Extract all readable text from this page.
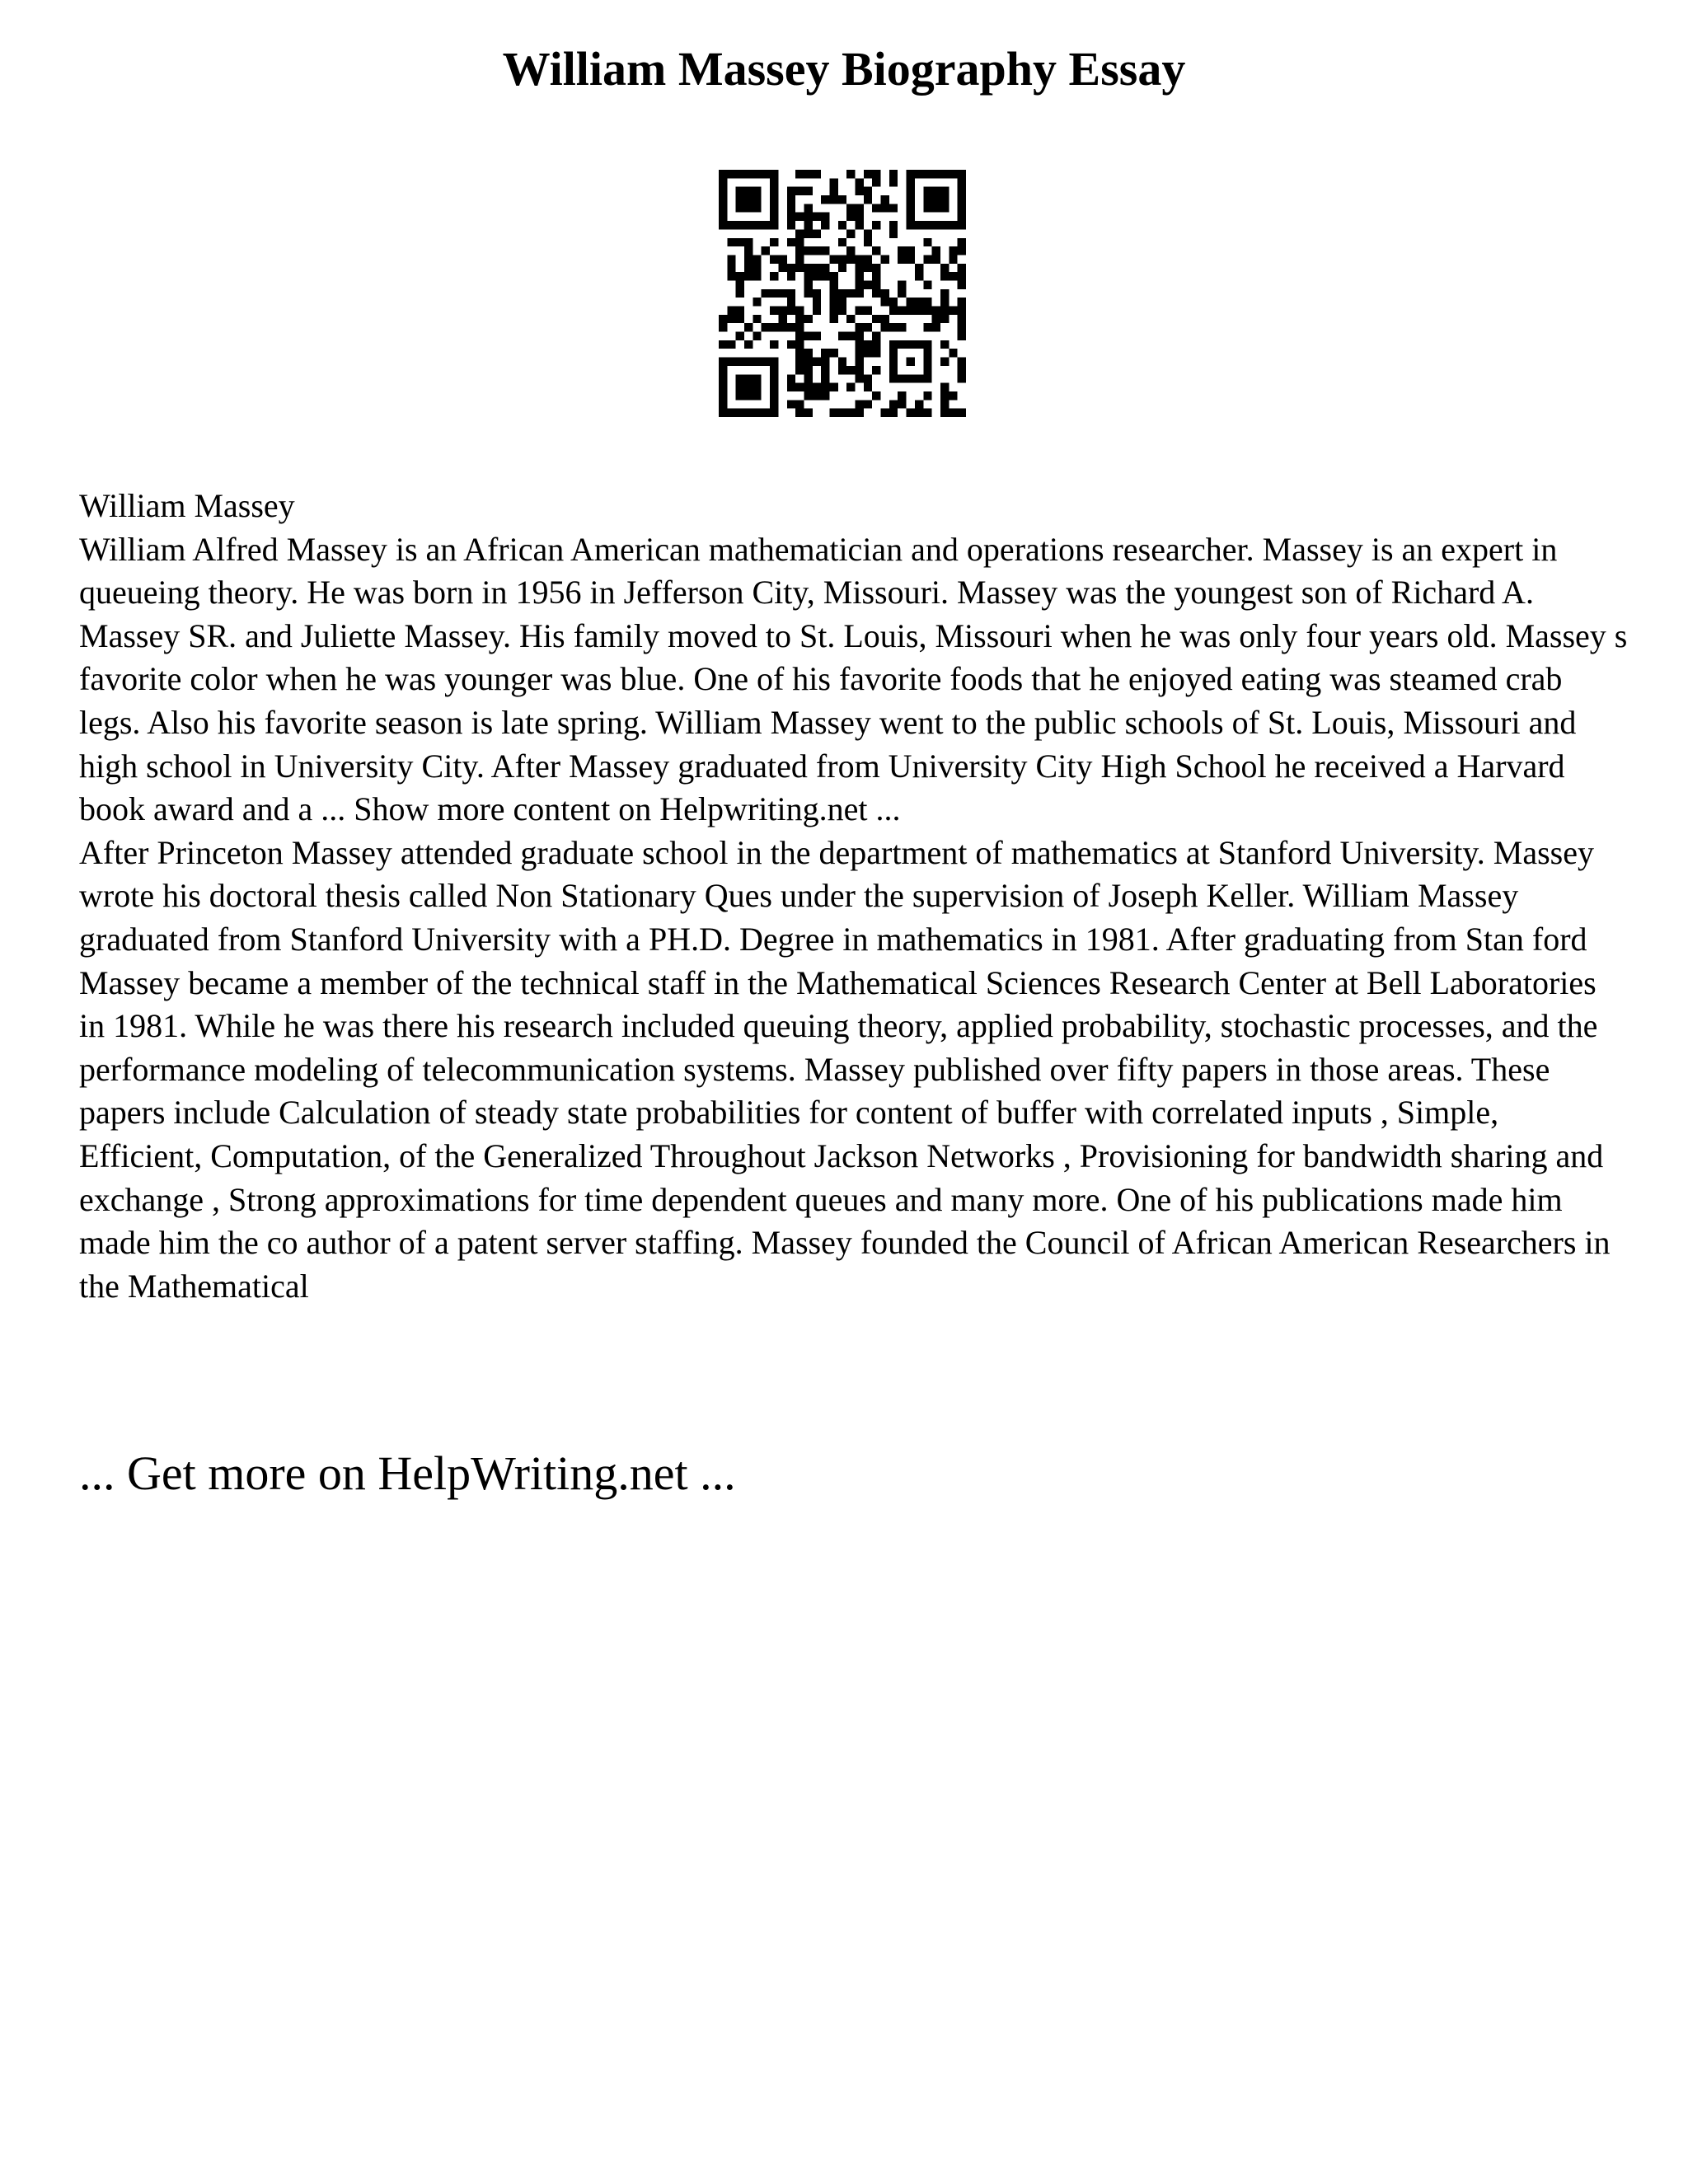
William Massey Biography Essay

William Massey

William Alfred Massey is an African American mathematician and operations researcher. Massey is an expert in queueing theory. He was born in 1956 in Jefferson City, Missouri. Massey was the youngest son of Richard A. Massey SR. and Juliette Massey. His family moved to St. Louis, Missouri when he was only four years old. Massey s favorite color when he was younger was blue. One of his favorite foods that he enjoyed eating was steamed crab legs. Also his favorite season is late spring. William Massey went to the public schools of St. Louis, Missouri and high school in University City. After Massey graduated from University City High School he received a Harvard book award and a ... Show more content on Helpwriting.net ...

After Princeton Massey attended graduate school in the department of mathematics at Stanford University. Massey wrote his doctoral thesis called Non Stationary Ques under the supervision of Joseph Keller. William Massey graduated from Stanford University with a PH.D. Degree in mathematics in 1981. After graduating from Stan ford Massey became a member of the technical staff in the Mathematical Sciences Research Center at Bell Laboratories in 1981. While he was there his research included queuing theory, applied probability, stochastic processes, and the performance modeling of telecommunication systems. Massey published over fifty papers in those areas. These papers include Calculation of steady state probabilities for content of buffer with correlated inputs , Simple, Efficient, Computation, of the Generalized Throughout Jackson Networks , Provisioning for bandwidth sharing and exchange , Strong approximations for time dependent queues and many more. One of his publications made him made him the co author of a patent server staffing. Massey founded the Council of African American Researchers in the Mathematical

... Get more on HelpWriting.net ...
